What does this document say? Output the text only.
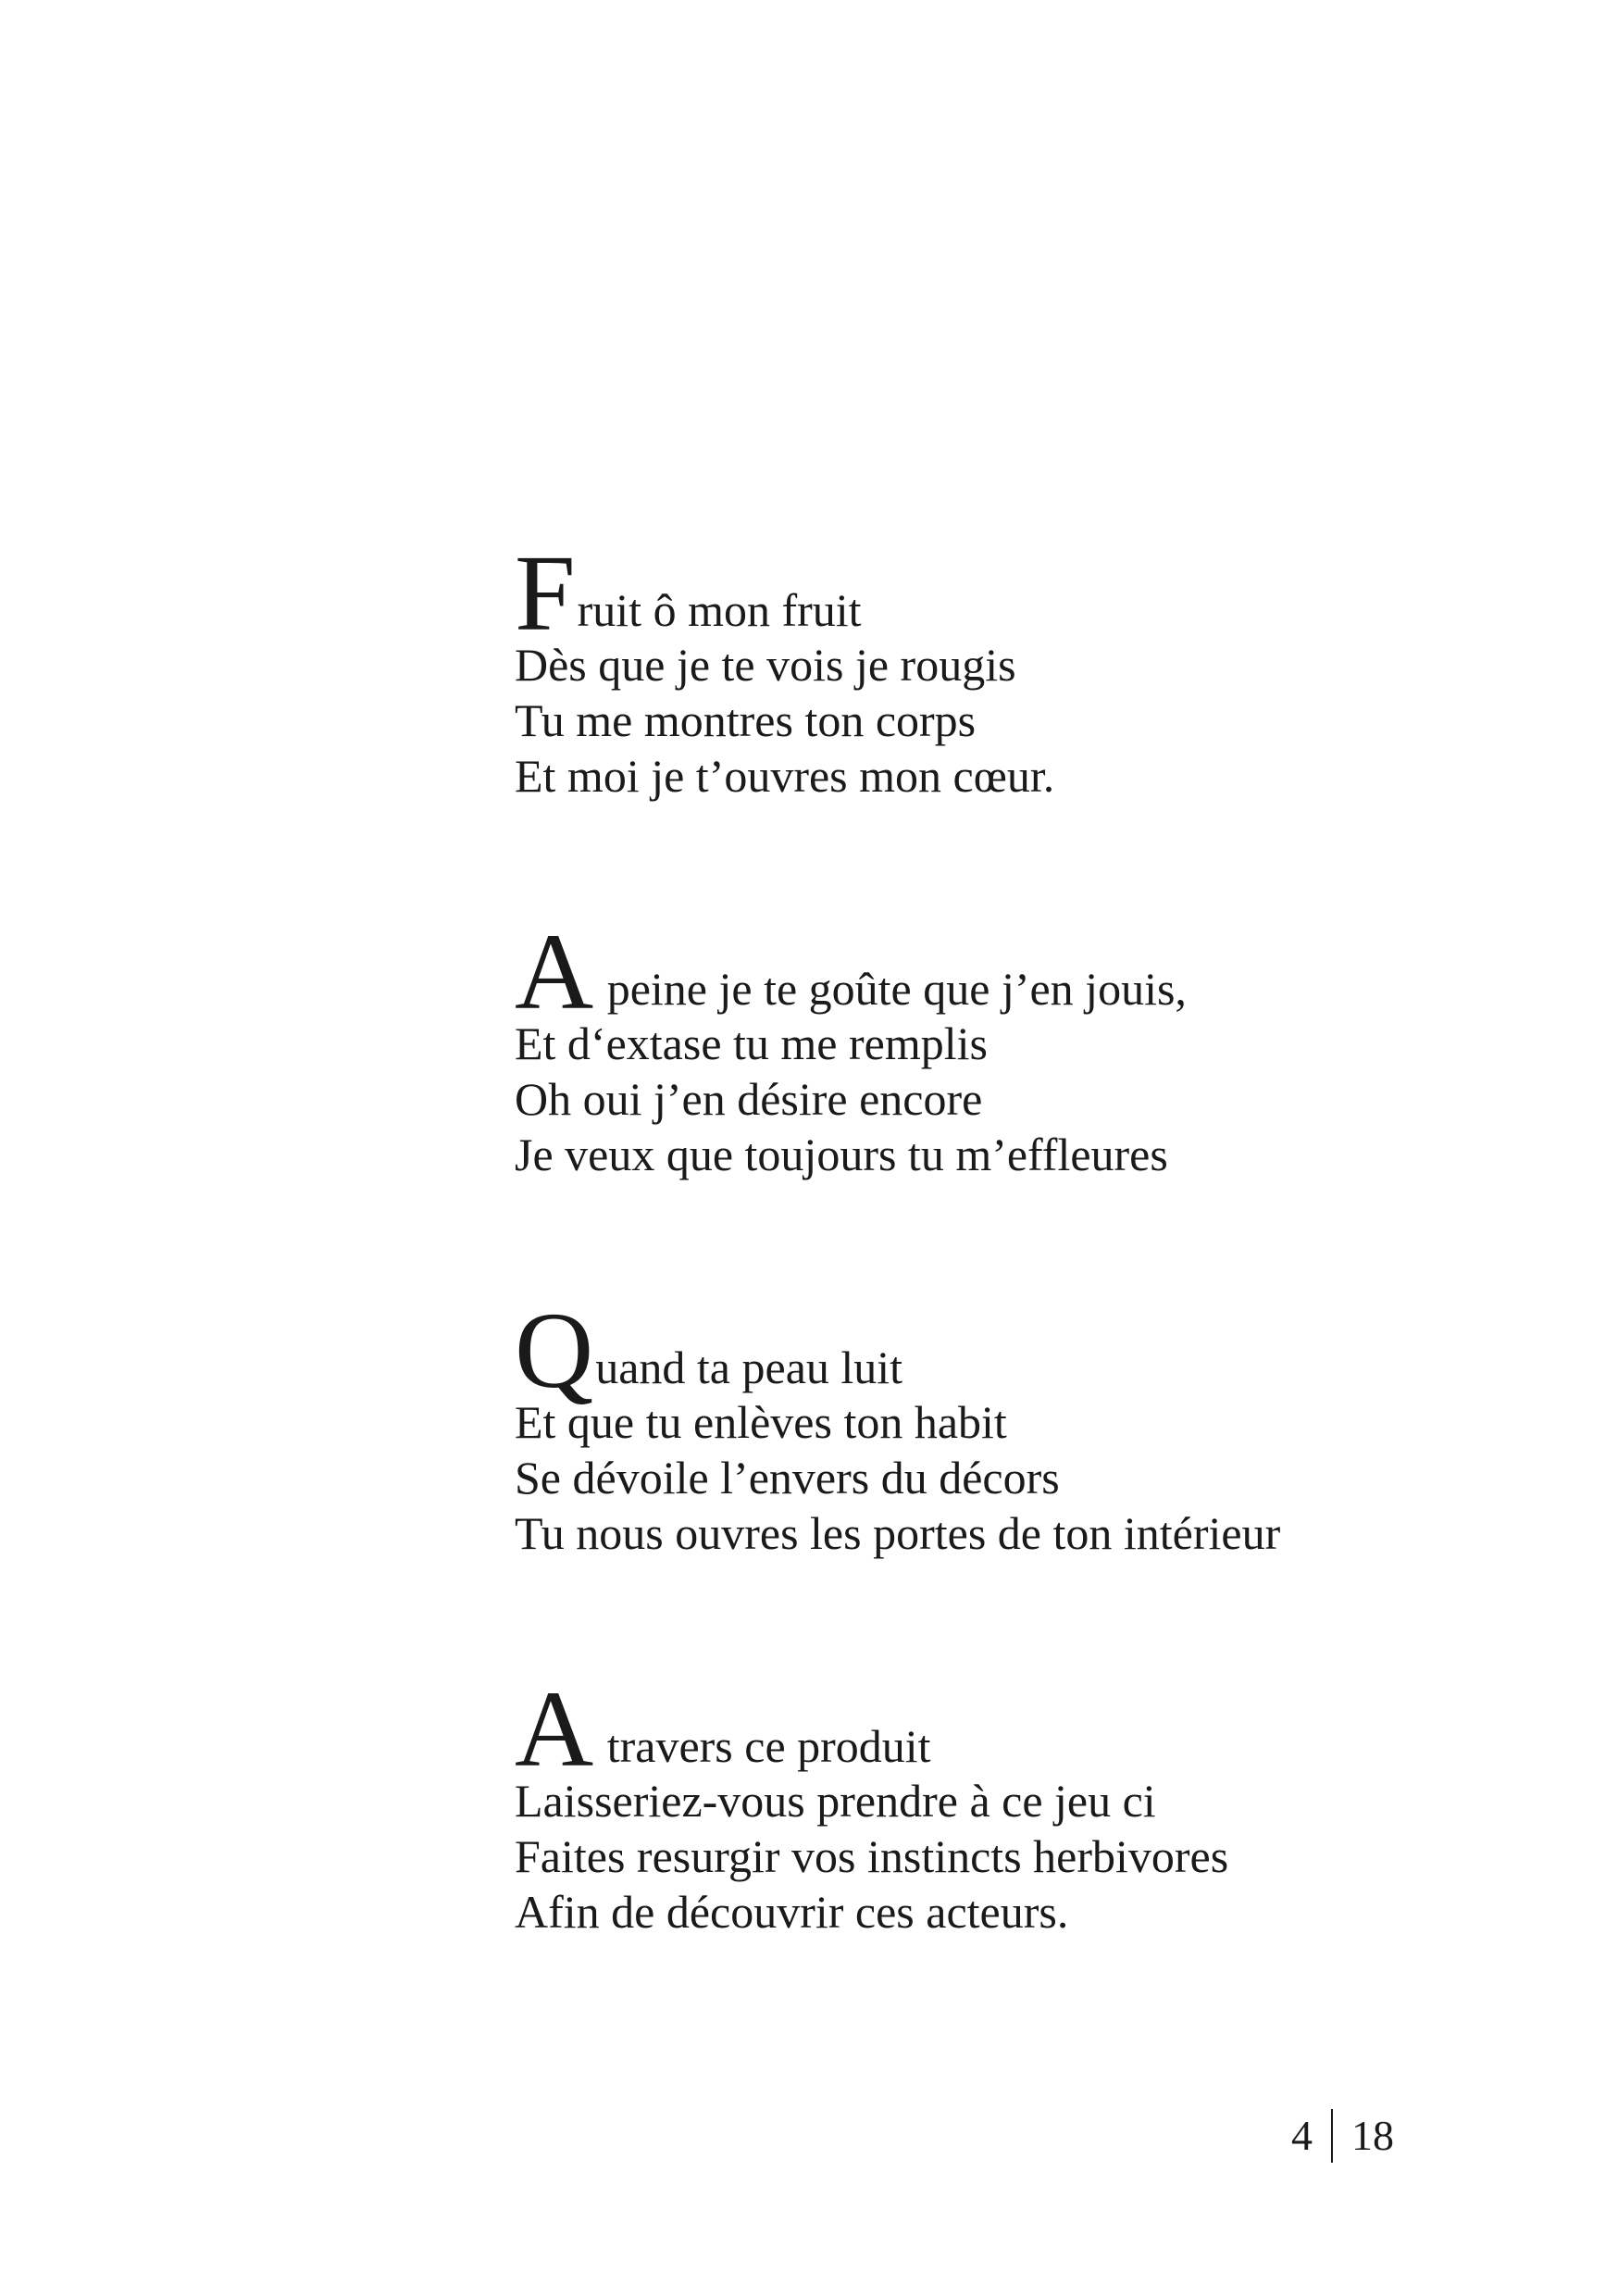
F ruit ô mon fruit
Dès que je te vois je rougis
Tu me montres ton corps
Et moi je t’ouvres mon cœur.
A peine je te goûte que j’en jouis,
Et d‘extase tu me remplis
Oh oui j’en désire encore
Je veux que toujours tu m’effleures
Q uand ta peau luit
Et que tu enlèves ton habit
Se dévoile l’envers du décors
Tu nous ouvres les portes de ton intérieur
A travers ce produit
Laisseriez-vous prendre à ce jeu ci
Faites resurgir vos instincts herbivores
Afin de découvrir ces acteurs.
4 18
